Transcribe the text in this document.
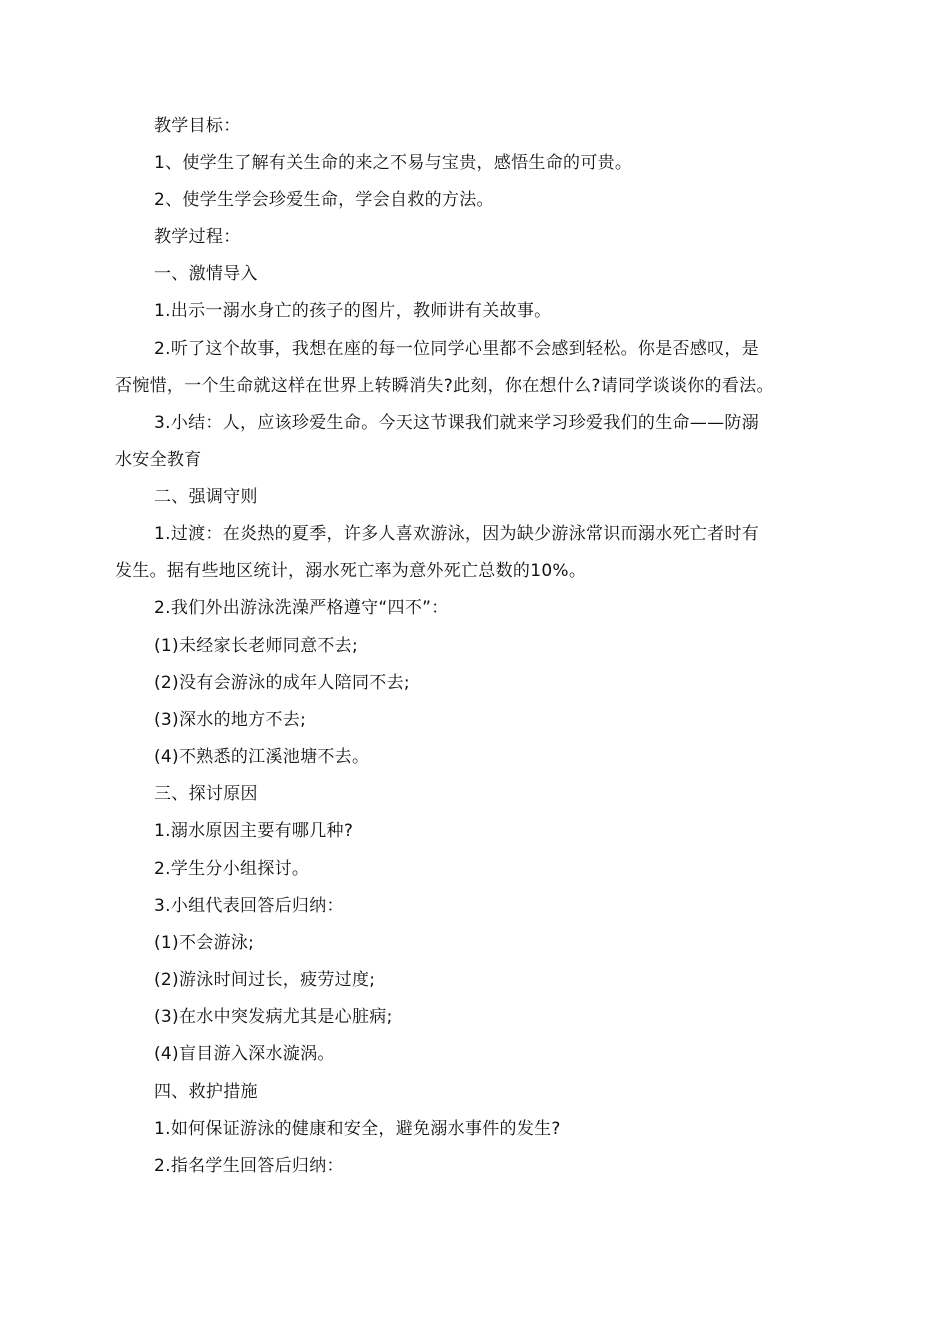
教学目标：
1、使学生了解有关生命的来之不易与宝贵，感悟生命的可贵。
2、使学生学会珍爱生命，学会自救的方法。
教学过程：
一、激情导入
1.出示一溺水身亡的孩子的图片，教师讲有关故事。
2.听了这个故事，我想在座的每一位同学心里都不会感到轻松。你是否感叹，是
否惋惜，一个生命就这样在世界上转瞬消失?此刻，你在想什么?请同学谈谈你的看法。
3.小结：人，应该珍爱生命。今天这节课我们就来学习珍爱我们的生命——防溺
水安全教育
二、强调守则
1.过渡：在炎热的夏季，许多人喜欢游泳，因为缺少游泳常识而溺水死亡者时有
发生。据有些地区统计，溺水死亡率为意外死亡总数的10%。
2.我们外出游泳洗澡严格遵守“四不”：
(1)未经家长老师同意不去;
(2)没有会游泳的成年人陪同不去;
(3)深水的地方不去;
(4)不熟悉的江溪池塘不去。
三、探讨原因
1.溺水原因主要有哪几种?
2.学生分小组探讨。
3.小组代表回答后归纳：
(1)不会游泳;
(2)游泳时间过长，疲劳过度;
(3)在水中突发病尤其是心脏病;
(4)盲目游入深水漩涡。
四、救护措施
1.如何保证游泳的健康和安全，避免溺水事件的发生?
2.指名学生回答后归纳：
